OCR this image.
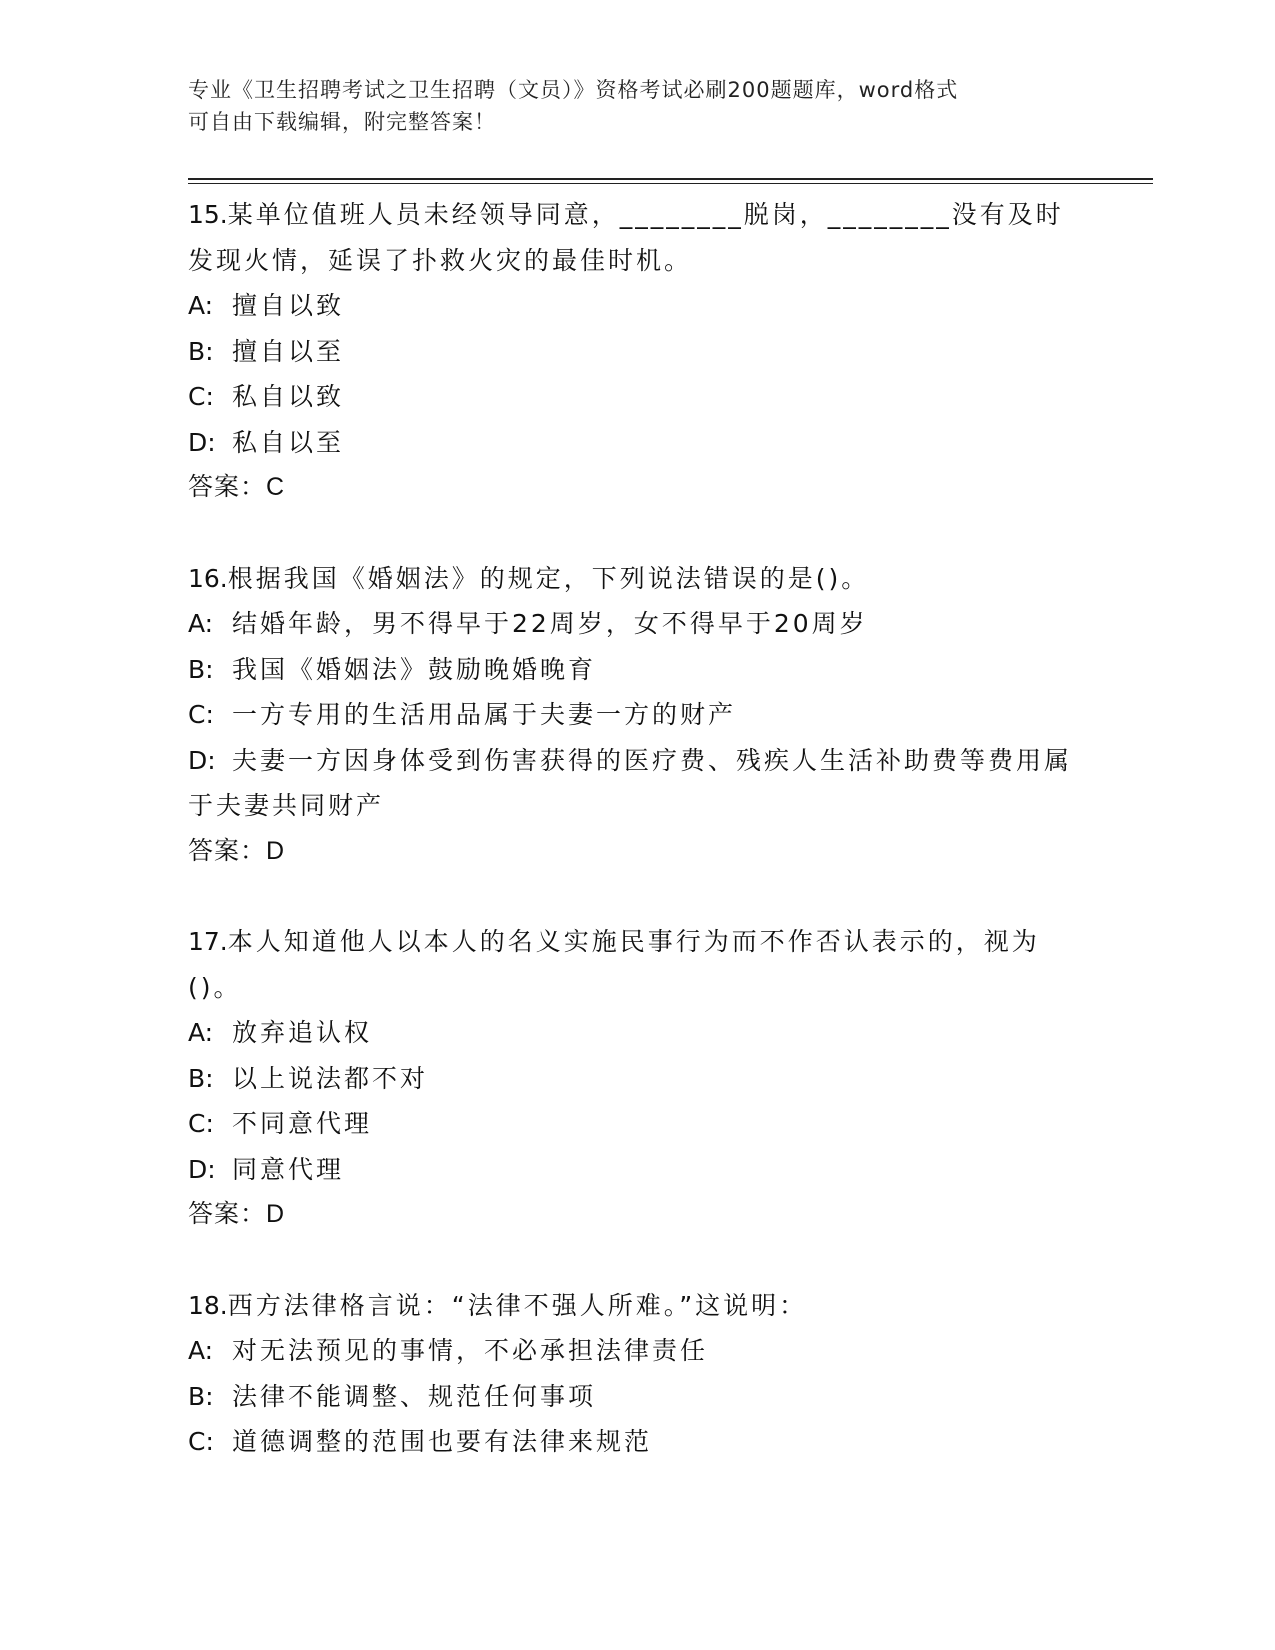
专业《卫生招聘考试之卫生招聘（文员）》资格考试必刷200题题库，word格式
可自由下载编辑，附完整答案！
15.某单位值班人员未经领导同意，________脱岗，________没有及时发现火情，延误了扑救火灾的最佳时机。
A: 擅自以致
B: 擅自以至
C: 私自以致
D: 私自以至
答案：C
16.根据我国《婚姻法》的规定，下列说法错误的是()。
A: 结婚年龄，男不得早于22周岁，女不得早于20周岁
B: 我国《婚姻法》鼓励晚婚晚育
C: 一方专用的生活用品属于夫妻一方的财产
D: 夫妻一方因身体受到伤害获得的医疗费、残疾人生活补助费等费用属于夫妻共同财产
答案：D
17.本人知道他人以本人的名义实施民事行为而不作否认表示的，视为()。
A: 放弃追认权
B: 以上说法都不对
C: 不同意代理
D: 同意代理
答案：D
18.西方法律格言说：“法律不强人所难。”这说明：
A: 对无法预见的事情，不必承担法律责任
B: 法律不能调整、规范任何事项
C: 道德调整的范围也要有法律来规范
